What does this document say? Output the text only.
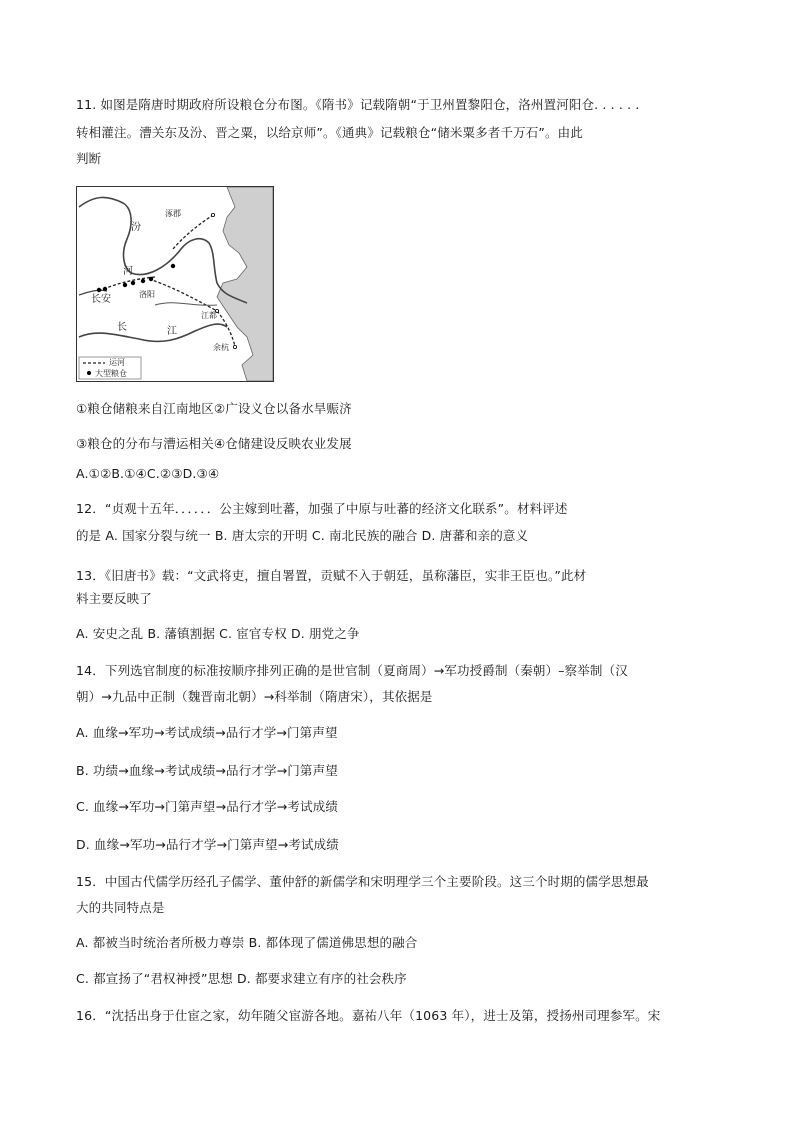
11. 如图是隋唐时期政府所设粮仓分布图。《隋书》记载隋朝“于卫州置黎阳仓，洛州置河阳仓. . . . . .
转相灌注。漕关东及汾、晋之粟，以给京师”。《通典》记载粮仓“储米粟多者千万石”。由此
判断
汾
涿郡
河
长安	洛阳
江都
长	江
余杭
运河
大型粮仓
①粮仓储粮来自江南地区②广设义仓以备水旱赈济
③粮仓的分布与漕运相关④仓储建设反映农业发展
A.①②B.①④C.②③D.③④
12．“贞观十五年．．．．．．公主嫁到吐蕃，加强了中原与吐蕃的经济文化联系”。材料评述
的是 A. 国家分裂与统一 B. 唐太宗的开明 C. 南北民族的融合 D. 唐蕃和亲的意义
13．《旧唐书》载：“文武将吏，擅自署置，贡赋不入于朝廷，虽称藩臣，实非王臣也。”此材
料主要反映了
A. 安史之乱 B. 藩镇割据 C. 宦官专权 D. 朋党之争
14．下列选官制度的标准按顺序排列正确的是世官制（夏商周）→军功授爵制（秦朝）–察举制（汉
朝）→九品中正制（魏晋南北朝）→科举制（隋唐宋），其依据是
A. 血缘→军功→考试成绩→品行才学→门第声望
B. 功绩→血缘→考试成绩→品行才学→门第声望
C. 血缘→军功→门第声望→品行才学→考试成绩
D. 血缘→军功→品行才学→门第声望→考试成绩
15．中国古代儒学历经孔子儒学、董仲舒的新儒学和宋明理学三个主要阶段。这三个时期的儒学思想最
大的共同特点是
A. 都被当时统治者所极力尊崇 B. 都体现了儒道佛思想的融合
C. 都宣扬了“君权神授”思想 D. 都要求建立有序的社会秩序
16．“沈括出身于仕宦之家，幼年随父宦游各地。嘉祐八年（1063 年），进士及第，授扬州司理参军。宋
